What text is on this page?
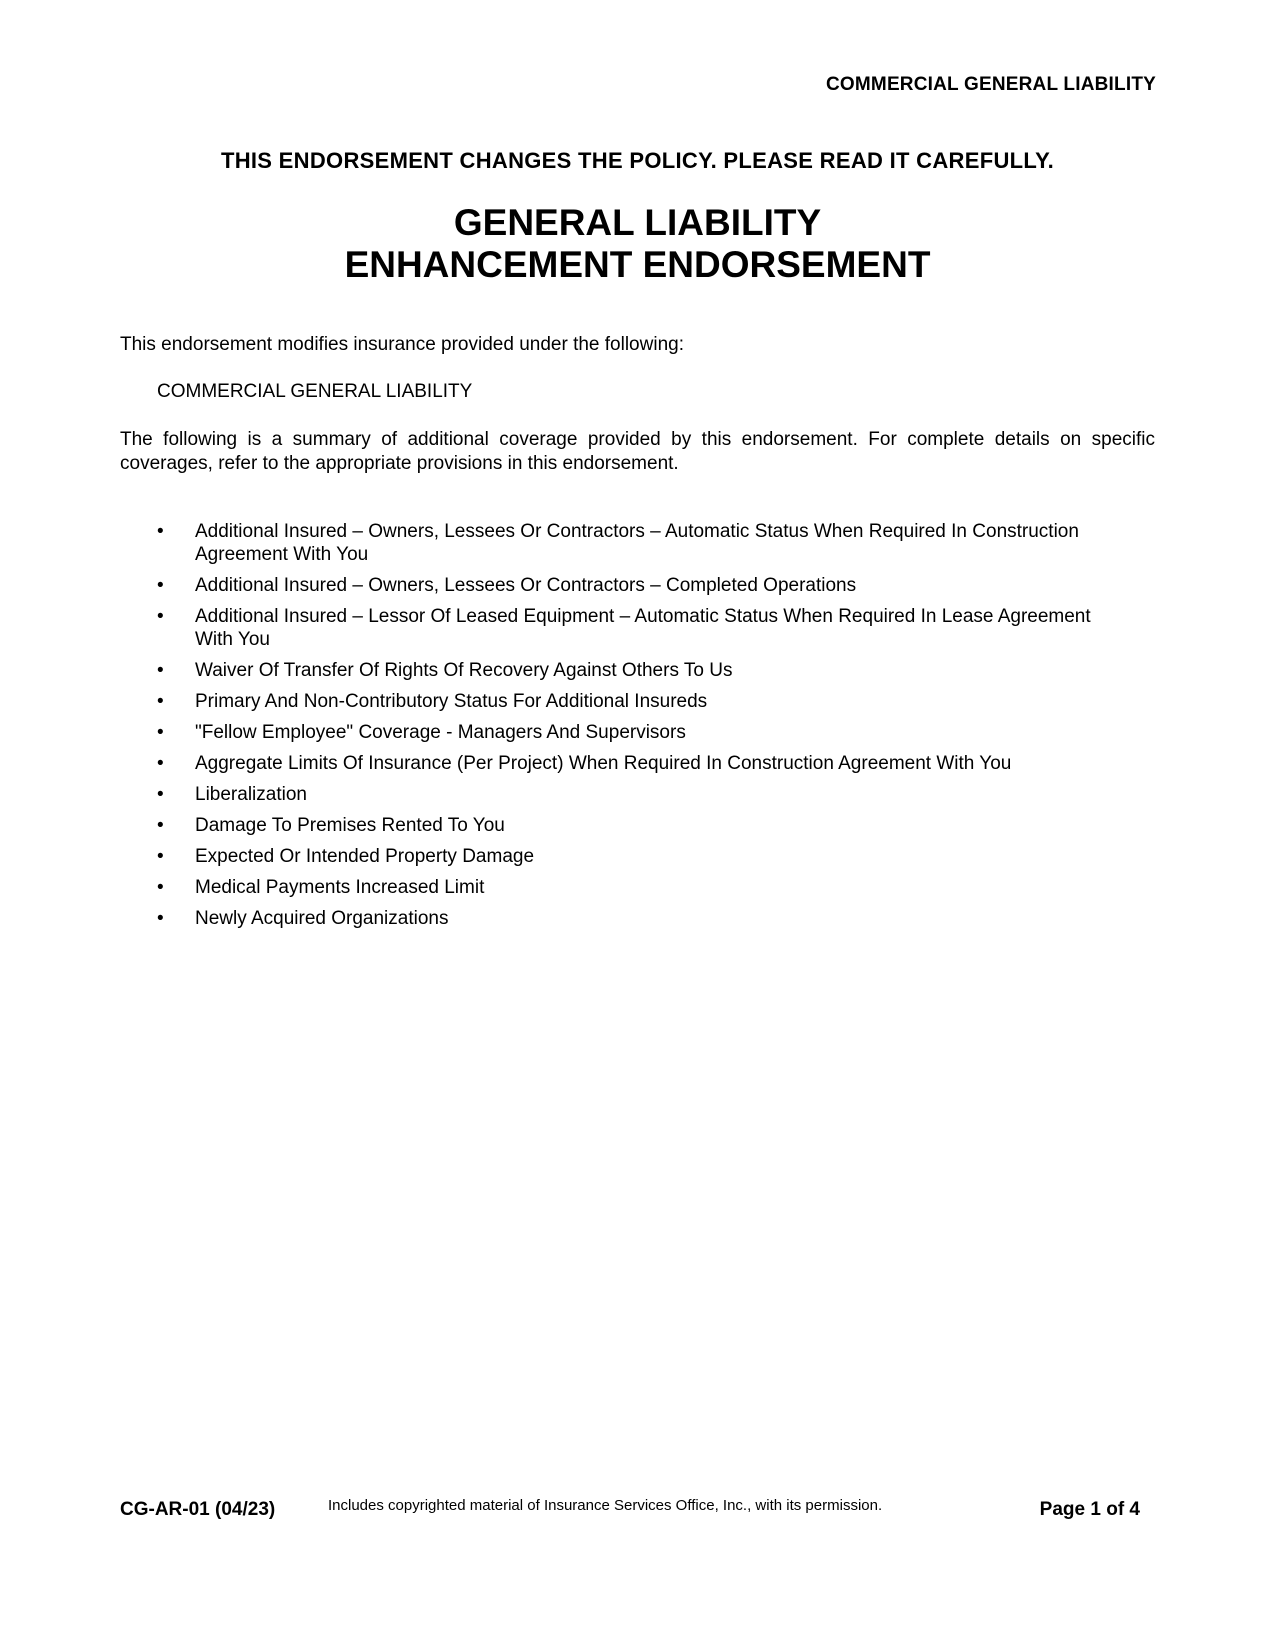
COMMERCIAL GENERAL LIABILITY
THIS ENDORSEMENT CHANGES THE POLICY. PLEASE READ IT CAREFULLY.
GENERAL LIABILITY
ENHANCEMENT ENDORSEMENT
This endorsement modifies insurance provided under the following:
COMMERCIAL GENERAL LIABILITY
The following is a summary of additional coverage provided by this endorsement. For complete details on specific coverages, refer to the appropriate provisions in this endorsement.
• Additional Insured – Owners, Lessees Or Contractors – Automatic Status When Required In Construction Agreement With You
• Additional Insured – Owners, Lessees Or Contractors – Completed Operations
• Additional Insured – Lessor Of Leased Equipment – Automatic Status When Required In Lease Agreement With You
• Waiver Of Transfer Of Rights Of Recovery Against Others To Us
• Primary And Non-Contributory Status For Additional Insureds
• "Fellow Employee" Coverage - Managers And Supervisors
• Aggregate Limits Of Insurance (Per Project) When Required In Construction Agreement With You
• Liberalization
• Damage To Premises Rented To You
• Expected Or Intended Property Damage
• Medical Payments Increased Limit
• Newly Acquired Organizations
CG-AR-01 (04/23)	Includes copyrighted material of Insurance Services Office, Inc., with its permission.	Page 1 of 4
